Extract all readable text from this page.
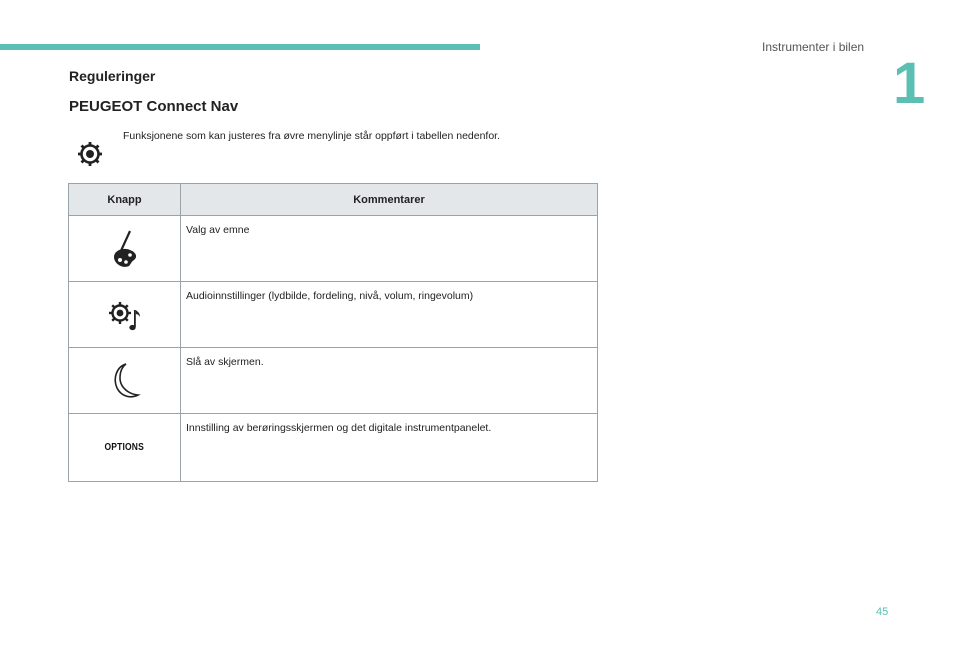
Instrumenter i bilen
1
Reguleringer
PEUGEOT Connect Nav
Funksjonene som kan justeres fra øvre menylinje står oppført i tabellen nedenfor.
Knapp	Kommentarer
Valg av emne
Audioinnstillinger (lydbilde, fordeling, nivå, volum, ringevolum)
Slå av skjermen.
OPTIONS
Innstilling av berøringsskjermen og det digitale instrumentpanelet.
45
